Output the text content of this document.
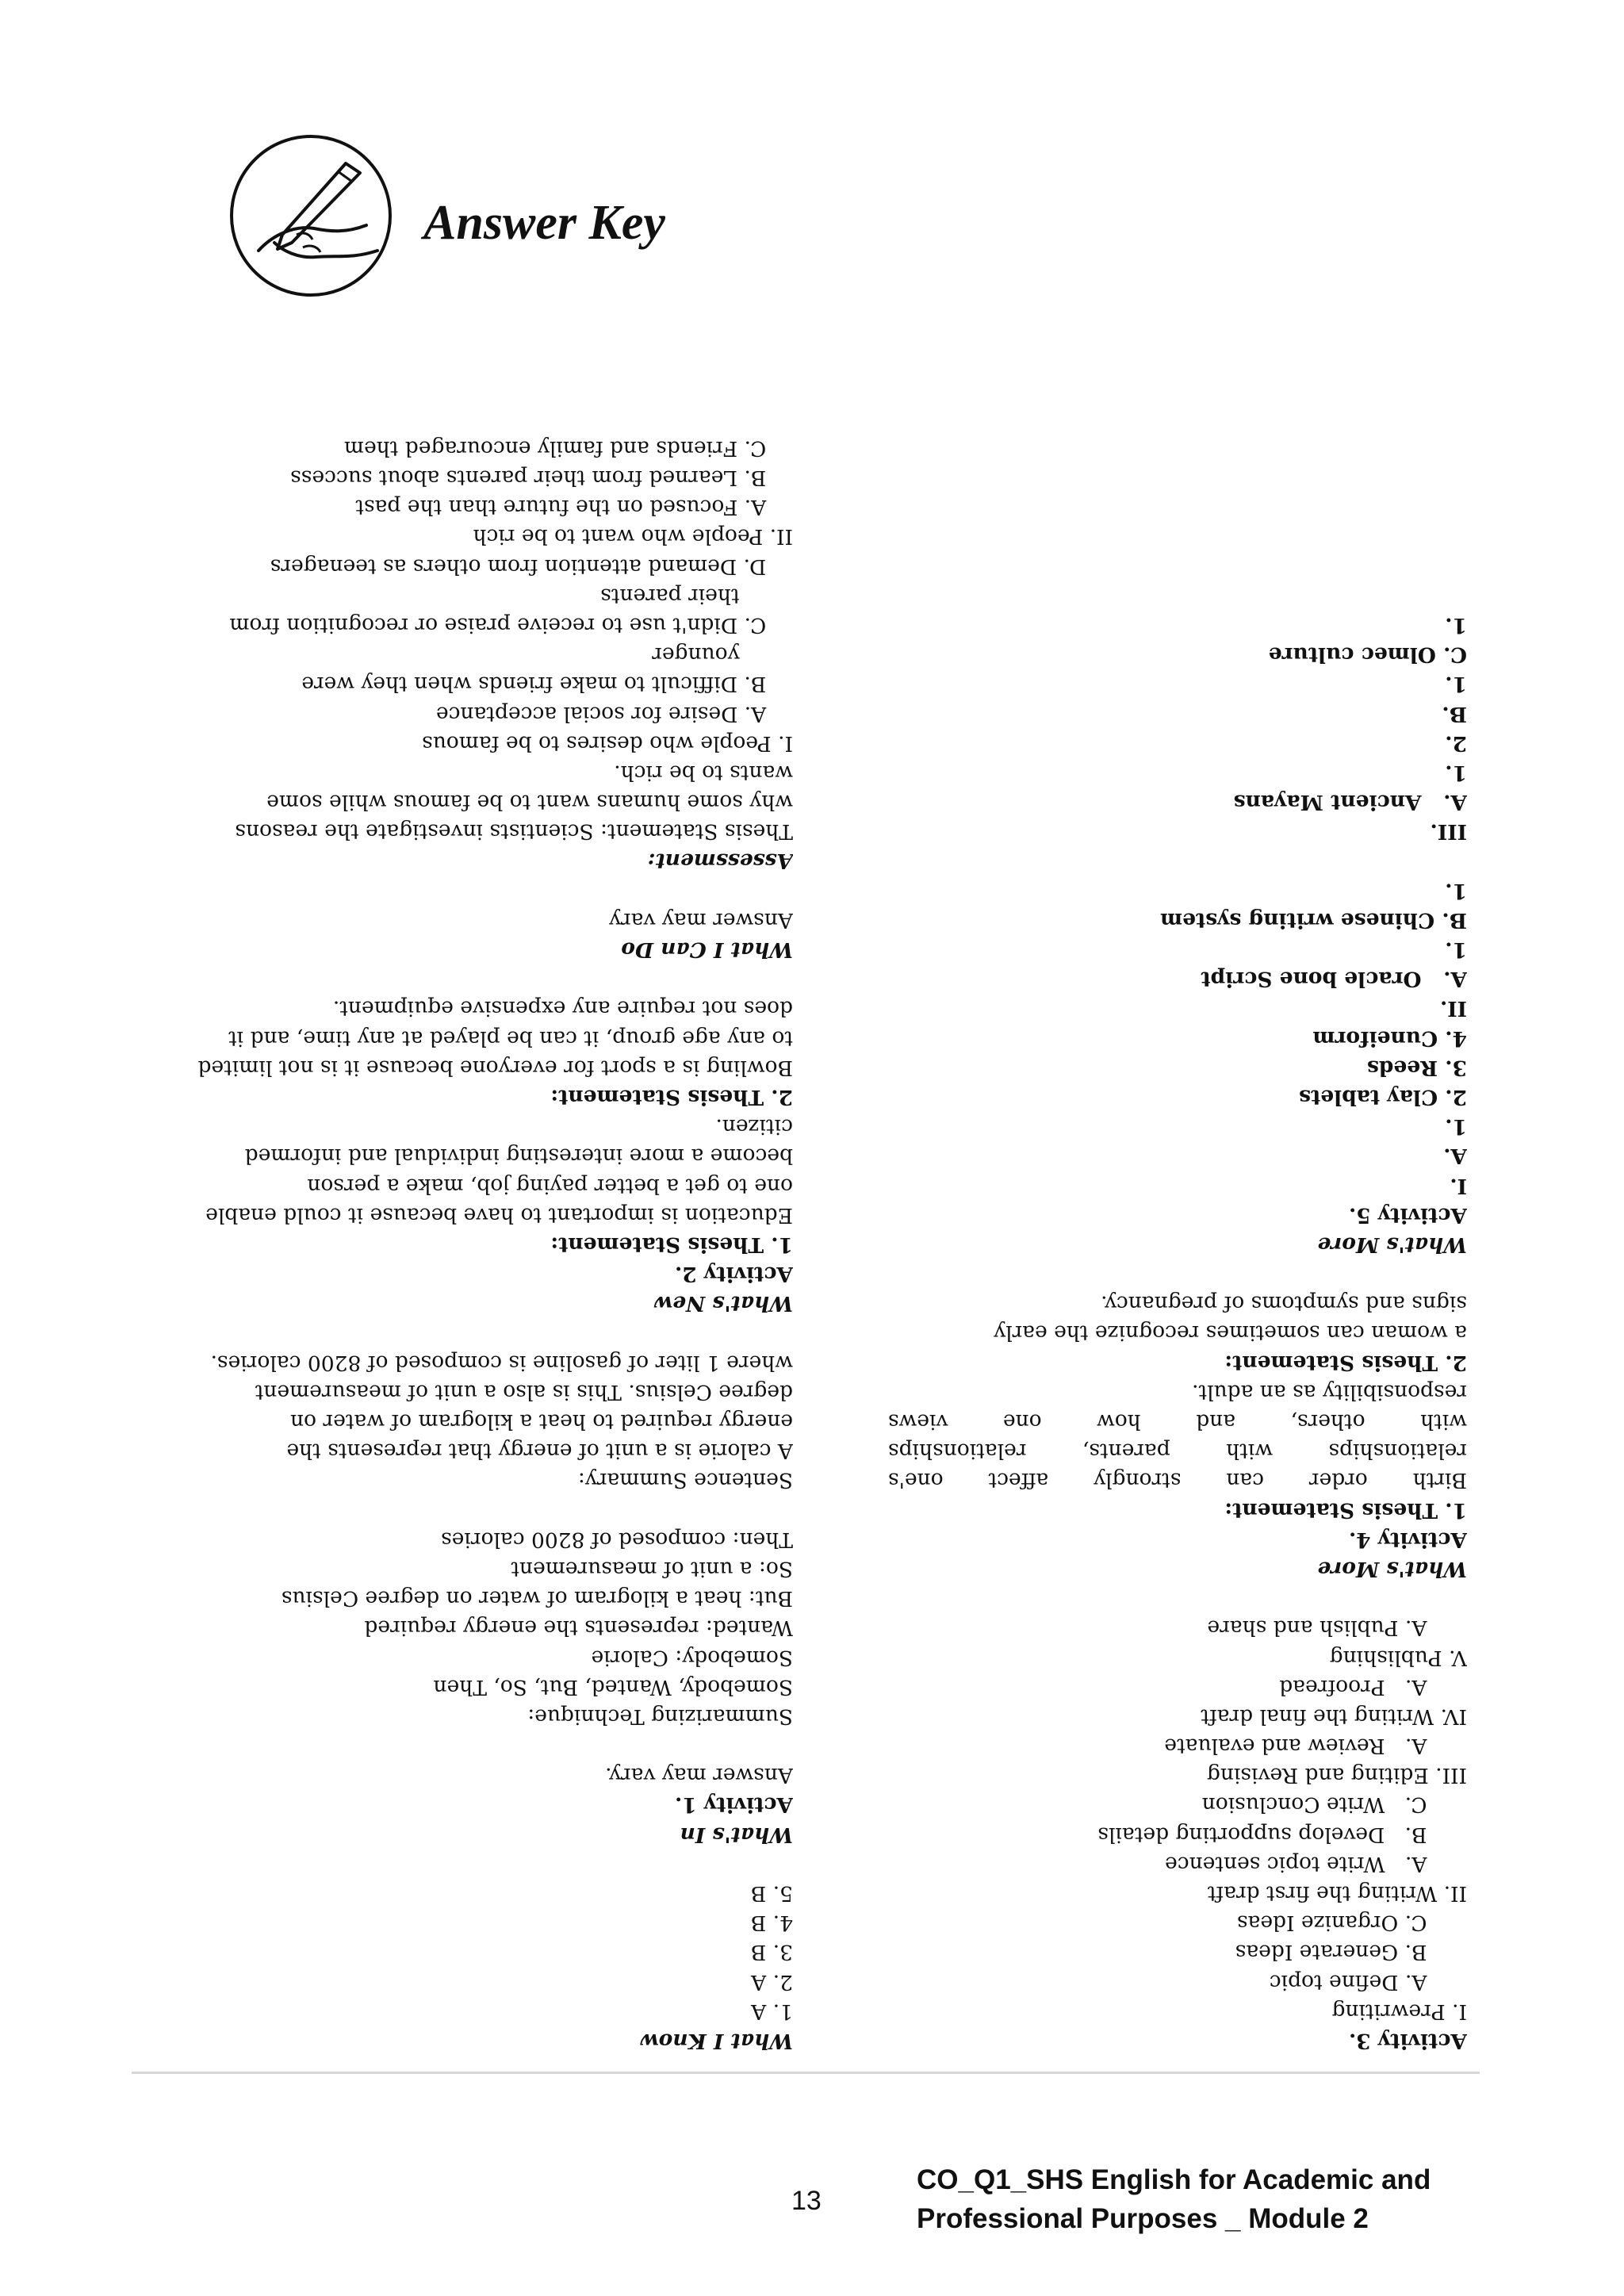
Answer Key
Activity 3.
I. Prewriting
A. Define topic
B. Generate Ideas
C. Organize Ideas
II. Writing the first draft
A.   Write topic sentence
B.   Develop supporting details
C.   Write Conclusion
III. Editing and Revising
A.   Review and evaluate
IV. Writing the final draft
A.   Proofread
V. Publishing
A. Publish and share
What's More
Activity 4.
1. Thesis Statement:
Birth order can strongly affect one's
relationships with parents, relationships
with others, and how one views
responsibility as an adult.
2. Thesis Statement:
a woman can sometimes recognize the early
signs and symptoms of pregnancy.
What's More
Activity 5.
I.
A.
1.
2. Clay tablets
3. Reeds
4. Cuneiform
II.
A.   Oracle bone Script
1.
B. Chinese writing system
1.
III.
A.   Ancient Mayans
1.
2.
B.
1.
C. Olmec culture
1.
What I Know
1. A
2. A
3. B
4. B
5. B
What's In
Activity 1.
Answer may vary.
Summarizing Technique:
Somebody, Wanted, But, So, Then
Somebody: Calorie
Wanted: represents the energy required
But: heat a kilogram of water on degree Celsius
So: a unit of measurement
Then: composed of 8200 calories
Sentence Summary:
A calorie is a unit of energy that represents the
energy required to heat a kilogram of water on
degree Celsius. This is also a unit of measurement
where 1 liter of gasoline is composed of 8200 calories.
What's New
Activity 2.
1. Thesis Statement:
Education is important to have because it could enable
one to get a better paying job, make a person
become a more interesting individual and informed
citizen.
2. Thesis Statement:
Bowling is a sport for everyone because it is not limited
to any age group, it can be played at any time, and it
does not require any expensive equipment.
What I Can Do
Answer may vary
Assessment:
Thesis Statement: Scientists investigate the reasons
why some humans want to be famous while some
wants to be rich.
I. People who desires to be famous
A. Desire for social acceptance
B. Difficult to make friends when they were
younger
C. Didn't use to receive praise or recognition from
their parents
D. Demand attention from others as teenagers
II. People who want to be rich
A. Focused on the future than the past
B. Learned from their parents about success
C. Friends and family encouraged them
13
CO_Q1_SHS English for Academic and
Professional Purposes _ Module 2
